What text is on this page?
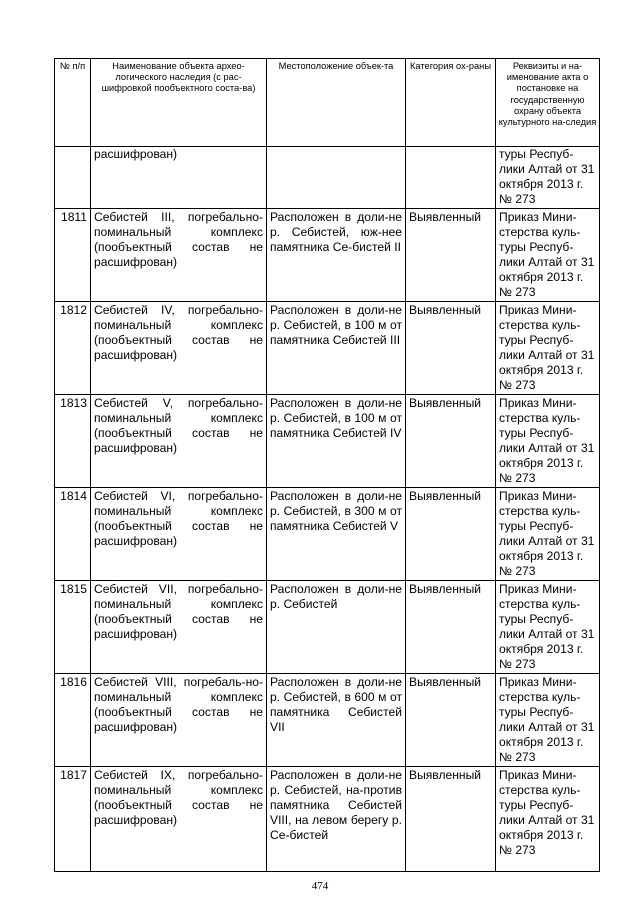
№ п/п	Наименование объекта архео-логического наследия (с рас-шифровкой пообъектного соста-ва)	Местоположение объек-та	Категория ох-раны	Реквизиты и на-именование акта о постановке на государственную охрану объекта культурного на-следия
	расшифрован)			туры Респуб-лики Алтай от 31 октября 2013 г. № 273
1811	Себистей III, погребально-поминальный комплекс (пообъектный состав не расшифрован)	Расположен в доли-не р. Себистей, юж-нее памятника Се-бистей II	Выявленный	Приказ Мини-стерства куль-туры Респуб-лики Алтай от 31 октября 2013 г. № 273
1812	Себистей IV, погребально-поминальный комплекс (пообъектный состав не расшифрован)	Расположен в доли-не р. Себистей, в 100 м от памятника Себистей III	Выявленный	Приказ Мини-стерства куль-туры Респуб-лики Алтай от 31 октября 2013 г. № 273
1813	Себистей V, погребально-поминальный комплекс (пообъектный состав не расшифрован)	Расположен в доли-не р. Себистей, в 100 м от памятника Себистей IV	Выявленный	Приказ Мини-стерства куль-туры Респуб-лики Алтай от 31 октября 2013 г. № 273
1814	Себистей VI, погребально-поминальный комплекс (пообъектный состав не расшифрован)	Расположен в доли-не р. Себистей, в 300 м от памятника Себистей V	Выявленный	Приказ Мини-стерства куль-туры Респуб-лики Алтай от 31 октября 2013 г. № 273
1815	Себистей VII, погребально-поминальный комплекс (пообъектный состав не расшифрован)	Расположен в доли-не р. Себистей	Выявленный	Приказ Мини-стерства куль-туры Респуб-лики Алтай от 31 октября 2013 г. № 273
1816	Себистей VIII, погребаль-но-поминальный комплекс (пообъектный состав не расшифрован)	Расположен в доли-не р. Себистей, в 600 м от памятника Себистей VII	Выявленный	Приказ Мини-стерства куль-туры Респуб-лики Алтай от 31 октября 2013 г. № 273
1817	Себистей IX, погребально-поминальный комплекс (пообъектный состав не расшифрован)	Расположен в доли-не р. Себистей, на-против памятника Себистей VIII, на левом берегу р. Се-бистей	Выявленный	Приказ Мини-стерства куль-туры Респуб-лики Алтай от 31 октября 2013 г. № 273
474
